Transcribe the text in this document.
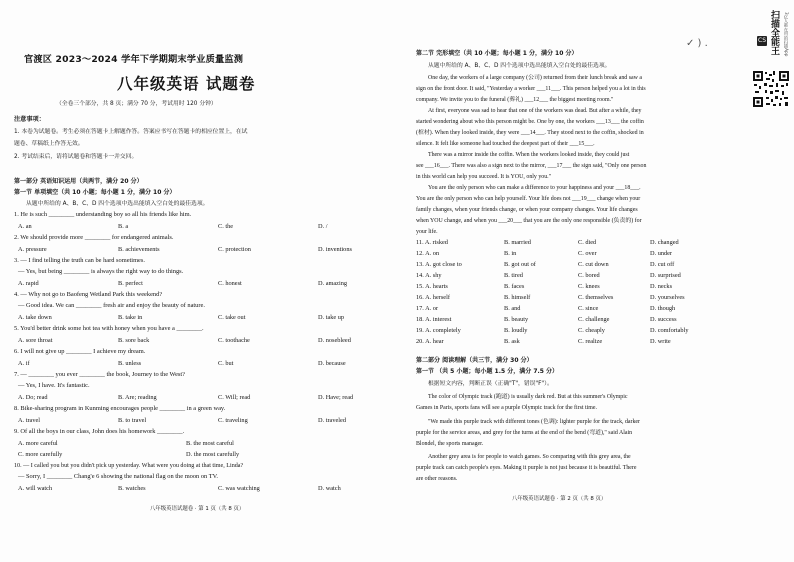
官渡区 2023～2024 学年下学期期末学业质量监测
八年级英语 试题卷
（全卷三个部分，共 8 页；满分 70 分，考试用时 120 分钟）
注意事项：
1. 本卷为试题卷。考生必须在答题卡上解题作答。答案应书写在答题卡的相应位置上，在试
题卷、草稿纸上作答无效。
2. 考试结束后，请将试题卷和答题卡一并交回。
第一部分 英语知识运用（共两节，满分 20 分）
第一节 单项填空（共 10 小题；每小题 1 分，满分 10 分）
从题中所给的 A、B、C、D 四个选项中选出能填入空白处的最佳选项。
1. He is such ________ understanding boy so all his friends like him.
A. an	B. a	C. the	D. /
2. We should provide more ________ for endangered animals.
A. pressure	B. achievements	C. protection	D. inventions
3. — I find telling the truth can be hard sometimes.
— Yes, but being ________ is always the right way to do things.
A. rapid	B. perfect	C. honest	D. amazing
4. — Why not go to Baofeng Wetland Park this weekend?
— Good idea. We can ________ fresh air and enjoy the beauty of nature.
A. take down	B. take in	C. take out	D. take up
5. You'd better drink some hot tea with honey when you have a ________.
A. sore throat	B. sore back	C. toothache	D. nosebleed
6. I will not give up ________ I achieve my dream.
A. if	B. unless	C. but	D. because
7. — ________ you ever ________ the book, Journey to the West?
— Yes, I have. It's fantastic.
A. Do; read	B. Are; reading	C. Will; read	D. Have; read
8. Bike-sharing program in Kunming encourages people ________ in a green way.
A. travel	B. to travel	C. traveling	D. traveled
9. Of all the boys in our class, John does his homework ________.
A. more careful	B. the most careful
C. more carefully	D. the most carefully
10. — I called you but you didn't pick up yesterday. What were you doing at that time, Linda?
— Sorry, I ________ Chang'e 6 showing the national flag on the moon on TV.
A. will watch	B. watches	C. was watching	D. watch
八年级英语试题卷 · 第 1 页（共 8 页）
第二节 完形填空（共 10 小题；每小题 1 分，满分 10 分）
从题中所给的 A、B、C、D 四个选项中选出能填入空白处的最佳选项。
One day, the workers of a large company (公司) returned from their lunch break and saw a
sign on the front door. It said, "Yesterday a worker ___11___. This person helped you a lot in this
company. We invite you to the funeral (葬礼) ___12___ the biggest meeting room."
At first, everyone was sad to hear that one of the workers was dead. But after a while, they
started wondering about who this person might be. One by one, the workers ___13___ the coffin
(棺材). When they looked inside, they were ___14___. They stood next to the coffin, shocked in
silence. It felt like someone had touched the deepest part of their ___15___.
There was a mirror inside the coffin. When the workers looked inside, they could just
see ___16___. There was also a sign next to the mirror, ___17___ the sign said, "Only one person
in this world can help you succeed. It is YOU, only you."
You are the only person who can make a difference to your happiness and your ___18___.
You are the only person who can help yourself. Your life does not ___19___ change when your
family changes, when your friends change, or when your company changes. Your life changes
when YOU change, and when you ___20___ that you are the only one responsible (负责的) for
your life.
11. A. risked	B. married	C. died	D. changed
12. A. on	B. in	C. over	D. under
13. A. got close to	B. got out of	C. cut down	D. cut off
14. A. shy	B. tired	C. bored	D. surprised
15. A. hearts	B. faces	C. knees	D. necks
16. A. herself	B. himself	C. themselves	D. yourselves
17. A. or	B. and	C. since	D. though
18. A. interest	B. beauty	C. challenge	D. success
19. A. completely	B. loudly	C. cheaply	D. comfortably
20. A. hear	B. ask	C. realize	D. write
第二部分 阅读理解（共三节，满分 30 分）
第一节 （共 5 小题；每小题 1.5 分，满分 7.5 分）
根据短文内容，判断正误（正确"T"，错误"F"）。
The color of Olympic track (跑道) is usually dark red. But at this summer's Olympic
Games in Paris, sports fans will see a purple Olympic track for the first time.
"We made this purple track with different tones (色调): lighter purple for the track, darker
purple for the service areas, and grey for the turns at the end of the bend (弯道)," said Alain
Blondel, the sports manager.
Another grey area is for people to watch games. So comparing with this grey area, the
purple track can catch people's eyes. Making it purple is not just because it is beautiful. There
are other reasons.
八年级英语试题卷 · 第 2 页（共 8 页）
✓ ) .	CS 扫描全能王	3亿人都在用的扫描App
